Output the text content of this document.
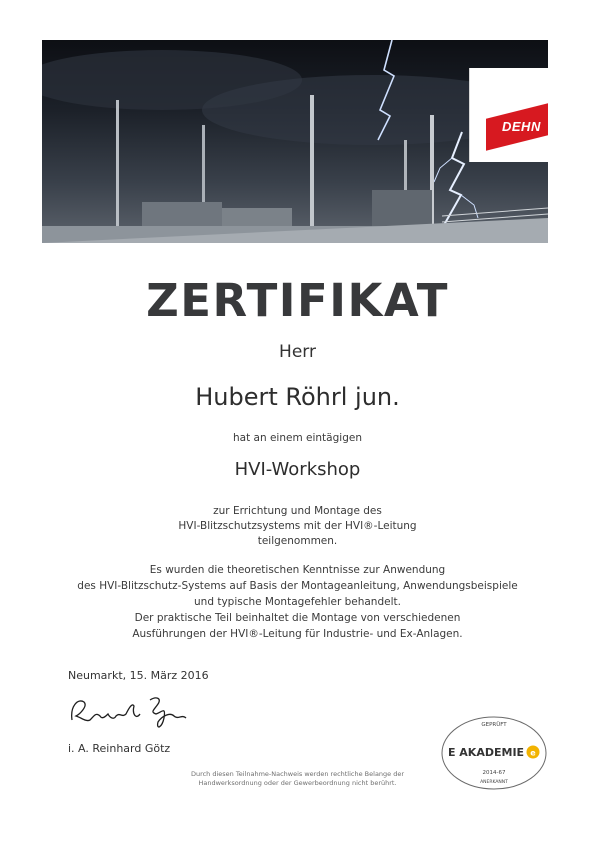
DEHN
ZERTIFIKAT
Herr
Hubert Röhrl jun.
hat an einem eintägigen
HVI-Workshop
zur Errichtung und Montage des
HVI-Blitzschutzsystems mit der HVI®-Leitung
teilgenommen.
Es wurden die theoretischen Kenntnisse zur Anwendung
des HVI-Blitzschutz-Systems auf Basis der Montageanleitung, Anwendungsbeispiele
und typische Montagefehler behandelt.
Der praktische Teil beinhaltet die Montage von verschiedenen
Ausführungen der HVI®-Leitung für Industrie- und Ex-Anlagen.
Neumarkt, 15. März 2016
i. A. Reinhard Götz
Durch diesen Teilnahme-Nachweis werden rechtliche Belange der
Handwerksordnung oder der Gewerbeordnung nicht berührt.
GEPRÜFT
E AKADEMIE e
2014-67
ANERKANNT
